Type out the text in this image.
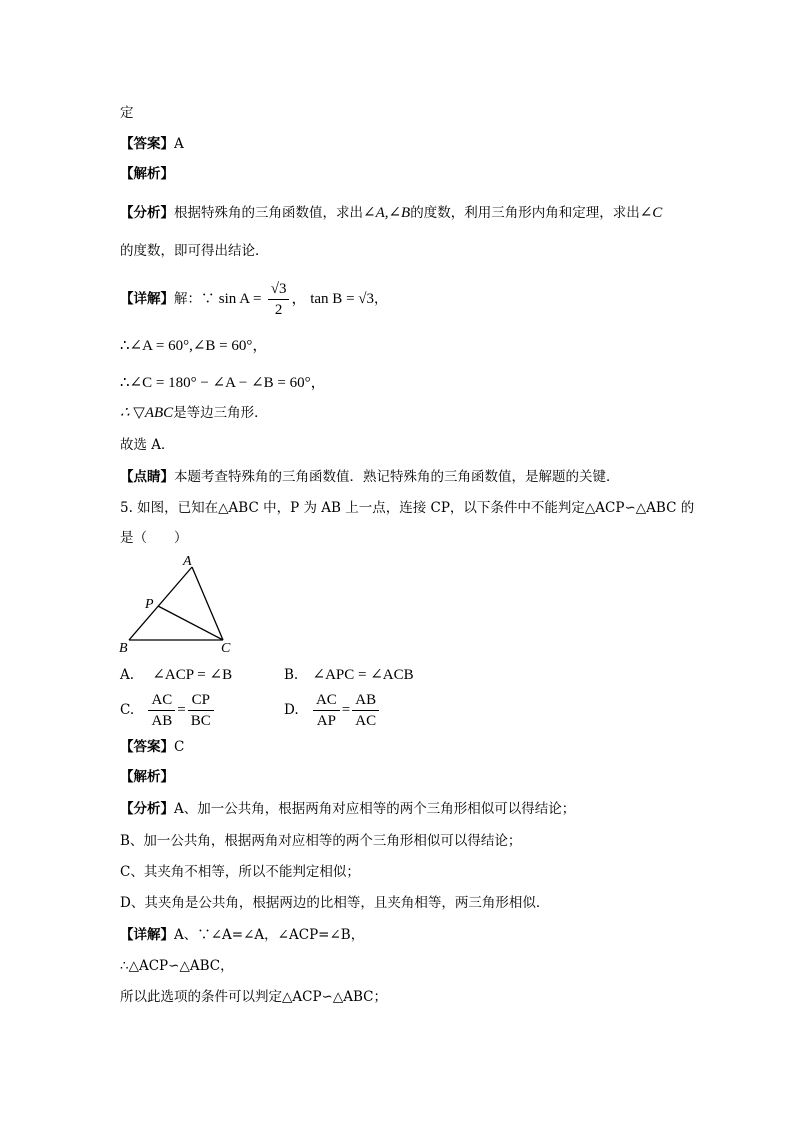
定
【答案】A
【解析】
【分析】根据特殊角的三角函数值，求出∠A,∠B的度数，利用三角形内角和定理，求出∠C
的度数，即可得出结论．
【详解】解：∵ $\sin A = \frac{√3}{2}$ ， tan B = √3，
∴∠A = 60°,∠B = 60°，
∴∠C = 180° − ∠A − ∠B = 60°，
∴ ▽ABC是等边三角形．
故选 A．
【点睛】本题考查特殊角的三角函数值．熟记特殊角的三角函数值，是解题的关键．
5. 如图，已知在△ABC 中，P 为 AB 上一点，连接 CP，以下条件中不能判定△ACP∽△ABC 的
是（　　）
A
P
B	C
A. ∠ACP = ∠B	B. ∠APC = ∠ACB
C. $\frac{AC}{AB} = \frac{CP}{BC}$	D. $\frac{AC}{AP} = \frac{AB}{AC}$
【答案】C
【解析】
【分析】A、加一公共角，根据两角对应相等的两个三角形相似可以得结论；
B、加一公共角，根据两角对应相等的两个三角形相似可以得结论；
C、其夹角不相等，所以不能判定相似；
D、其夹角是公共角，根据两边的比相等，且夹角相等，两三角形相似．
【详解】A、∵∠A=∠A，∠ACP=∠B，
∴△ACP∽△ABC，
所以此选项的条件可以判定△ACP∽△ABC；
